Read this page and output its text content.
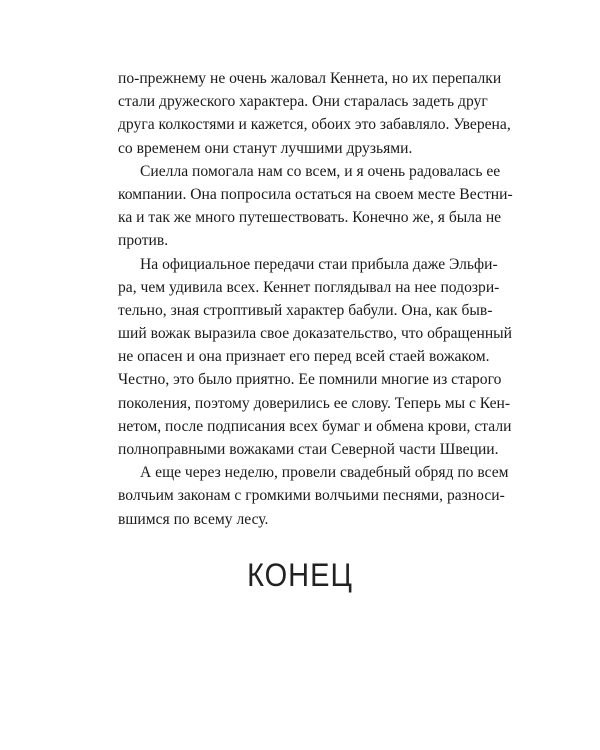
по-прежнему не очень жаловал Кеннета, но их перепалки
стали дружеского характера. Они старалась задеть друг
друга колкостями и кажется, обоих это забавляло. Уверена,
со временем они станут лучшими друзьями.
Сиелла помогала нам со всем, и я очень радовалась ее
компании. Она попросила остаться на своем месте Вестни-
ка и так же много путешествовать. Конечно же, я была не
против.
На официальное передачи стаи прибыла даже Эльфи-
ра, чем удивила всех. Кеннет поглядывал на нее подозри-
тельно, зная строптивый характер бабули. Она, как быв-
ший вожак выразила свое доказательство, что обращенный
не опасен и она признает его перед всей стаей вожаком.
Честно, это было приятно. Ее помнили многие из старого
поколения, поэтому доверились ее слову. Теперь мы с Кен-
нетом, после подписания всех бумаг и обмена крови, стали
полноправными вожаками стаи Северной части Швеции.
А еще через неделю, провели свадебный обряд по всем
волчьим законам с громкими волчьими песнями, разноси-
вшимся по всему лесу.
КОНЕЦ
